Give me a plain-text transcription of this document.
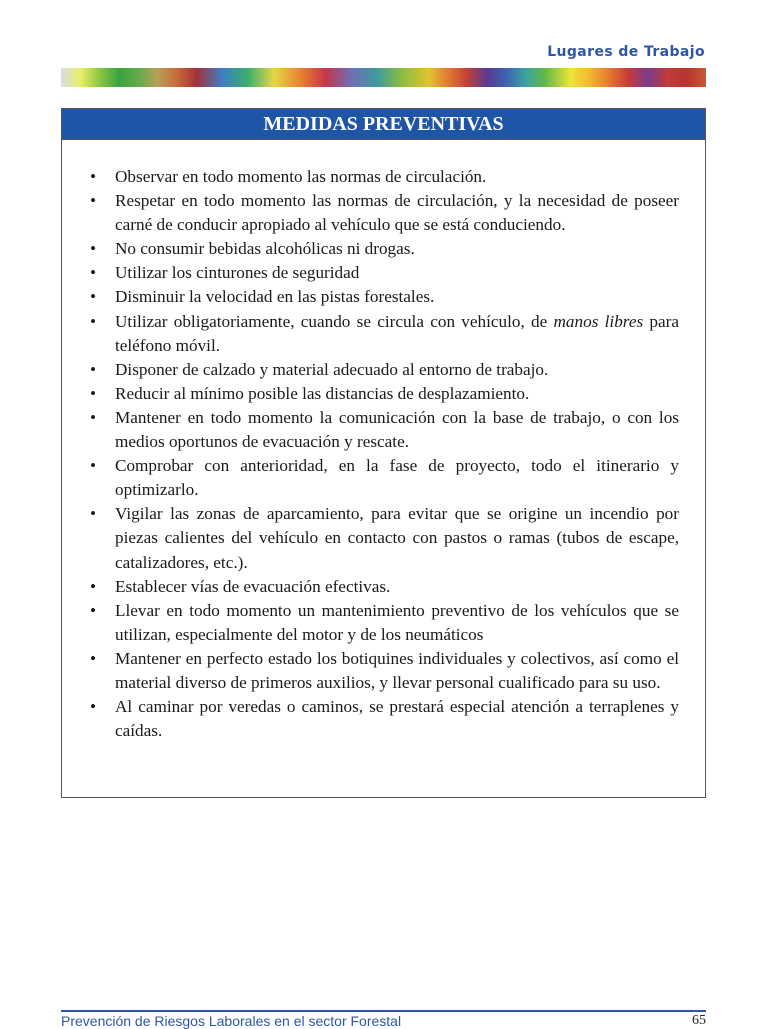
Lugares de Trabajo
MEDIDAS PREVENTIVAS
• Observar en todo momento las normas de circulación.
• Respetar en todo momento las normas de circulación, y la necesidad de poseer carné de conducir apropiado al vehículo que se está conduciendo.
• No consumir bebidas alcohólicas ni drogas.
• Utilizar los cinturones de seguridad
• Disminuir la velocidad en las pistas forestales.
• Utilizar obligatoriamente, cuando se circula con vehículo, de manos libres para teléfono móvil.
• Disponer de calzado y material adecuado al entorno de trabajo.
• Reducir al mínimo posible las distancias de desplazamiento.
• Mantener en todo momento la comunicación con la base de trabajo, o con los medios oportunos de evacuación y rescate.
• Comprobar con anterioridad, en la fase de proyecto, todo el itinerario y optimizarlo.
• Vigilar las zonas de aparcamiento, para evitar que se origine un incendio por piezas calientes del vehículo en contacto con pastos o ramas (tubos de escape, catalizadores, etc.).
• Establecer vías de evacuación efectivas.
• Llevar en todo momento un mantenimiento preventivo de los vehículos que se utilizan, especialmente del motor y de los neumáticos
• Mantener en perfecto estado los botiquines individuales y colectivos, así como el material diverso de primeros auxilios, y llevar personal cualificado para su uso.
• Al caminar por veredas o caminos, se prestará especial atención a terraplenes y caídas.
Prevención de Riesgos Laborales en el sector Forestal	65
